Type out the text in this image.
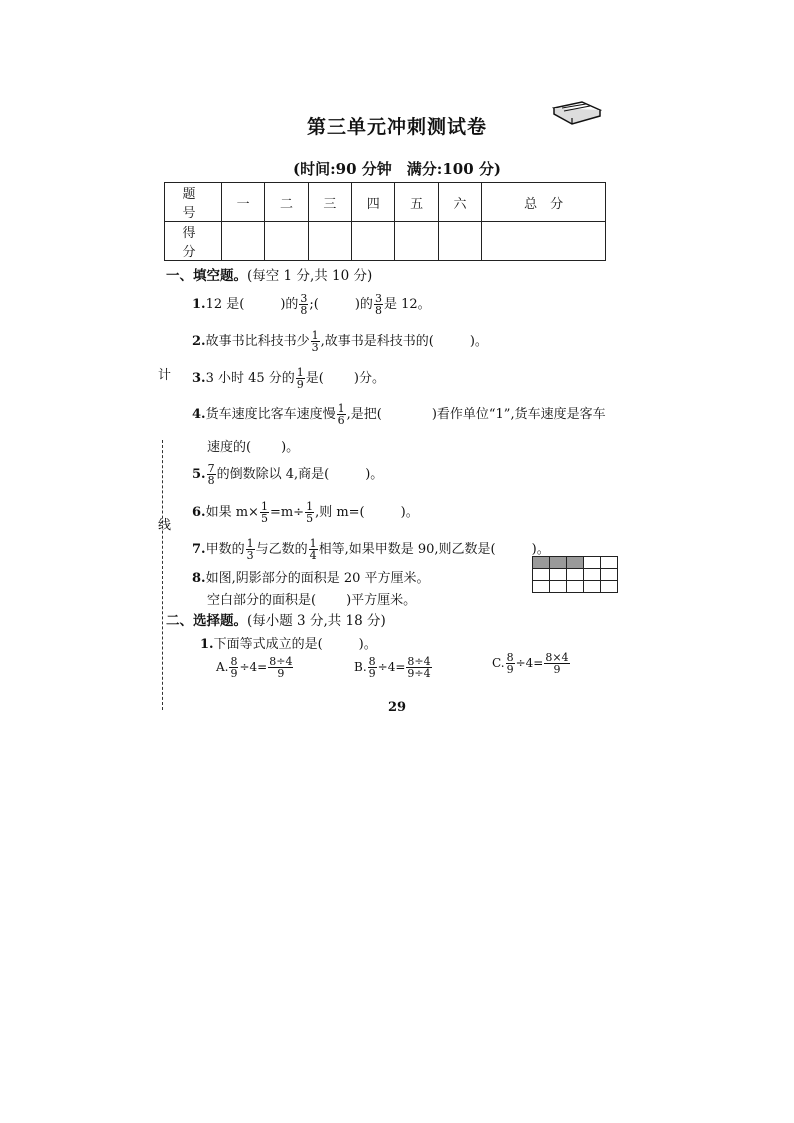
第三单元冲刺测试卷
(时间:90 分钟　满分:100 分)
题　号	一	二	三	四	五	六	总　分
得　分							
一、填空题。(每空 1 分,共 10 分)
1.12 是(	)的 $\frac{3}{8}$ ;(	)的 $\frac{3}{8}$ 是 12。
2.故事书比科技书少 $\frac{1}{3}$ ,故事书是科技书的(	)。
3.3 小时 45 分的 $\frac{1}{9}$ 是( )分。
4.货车速度比客车速度慢 $\frac{1}{6}$ ,是把(	)看作单位“1”,货车速度是客车
速度的( )。
5. $\frac{7}{8}$ 的倒数除以 4,商是(	)。
6.如果 $m\times \frac{1}{5} =m\div \frac{1}{5}$ ,则 m=(	)。
7.甲数的 $\frac{1}{3}$ 与乙数的 $\frac{1}{4}$ 相等,如果甲数是 90,则乙数是(	)。
8.如图,阴影部分的面积是 20 平方厘米。
空白部分的面积是( )平方厘米。

二、选择题。(每小题 3 分,共 18 分)
1.下面等式成立的是(	)。
A. $\frac{8}{9} \div 4= \frac{8\div 4}{9}$	B. $\frac{8}{9} \div 4= \frac{8\div 4}{9\div 4}$	C. $\frac{8}{9} \div 4= \frac{8\times 4}{9}$
计
线
29
